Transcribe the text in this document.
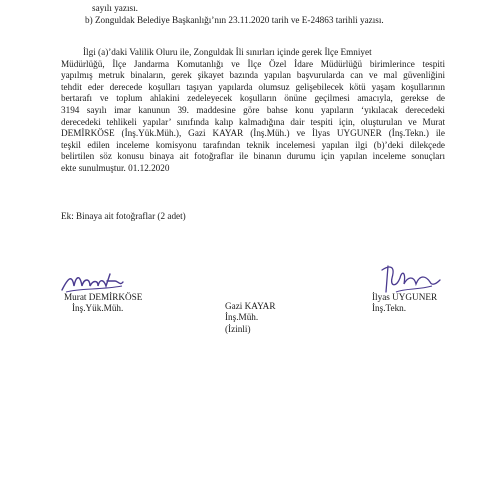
sayılı yazısı.
b) Zonguldak Belediye Başkanlığı’nın 23.11.2020 tarih ve E-24863 tarihli yazısı.
İlgi (a)’daki Valilik Oluru ile, Zonguldak İli sınırları içinde gerek İlçe Emniyet
Müdürlüğü, İlçe Jandarma Komutanlığı ve İlçe Özel İdare Müdürlüğü birimlerince tespiti
yapılmış metruk binaların, gerek şikayet bazında yapılan başvurularda can ve mal güvenliğini
tehdit eder derecede koşulları taşıyan yapılarda olumsuz gelişebilecek kötü yaşam koşullarının
bertarafı ve toplum ahlakini zedeleyecek koşulların önüne geçilmesi amacıyla, gerekse de
3194 sayılı imar kanunun 39. maddesine göre bahse konu yapıların ‘yıkılacak derecedeki
derecedeki tehlikeli yapılar’ sınıfında kalıp kalmadığına dair tespiti için, oluşturulan ve Murat
DEMİRKÖSE (İnş.Yük.Müh.), Gazi KAYAR (İnş.Müh.) ve İlyas UYGUNER (İnş.Tekn.) ile
teşkil edilen inceleme komisyonu tarafından teknik incelemesi yapılan ilgi (b)’deki dilekçede
belirtilen söz konusu binaya ait fotoğraflar ile binanın durumu için yapılan inceleme sonuçları
ekte sunulmuştur. 01.12.2020
Ek: Binaya ait fotoğraflar (2 adet)
Murat DEMİRKÖSE
İnş.Yük.Müh.	Gazi KAYAR
İnş.Müh.
(İzinli)
İlyas UYGUNER
İnş.Tekn.
